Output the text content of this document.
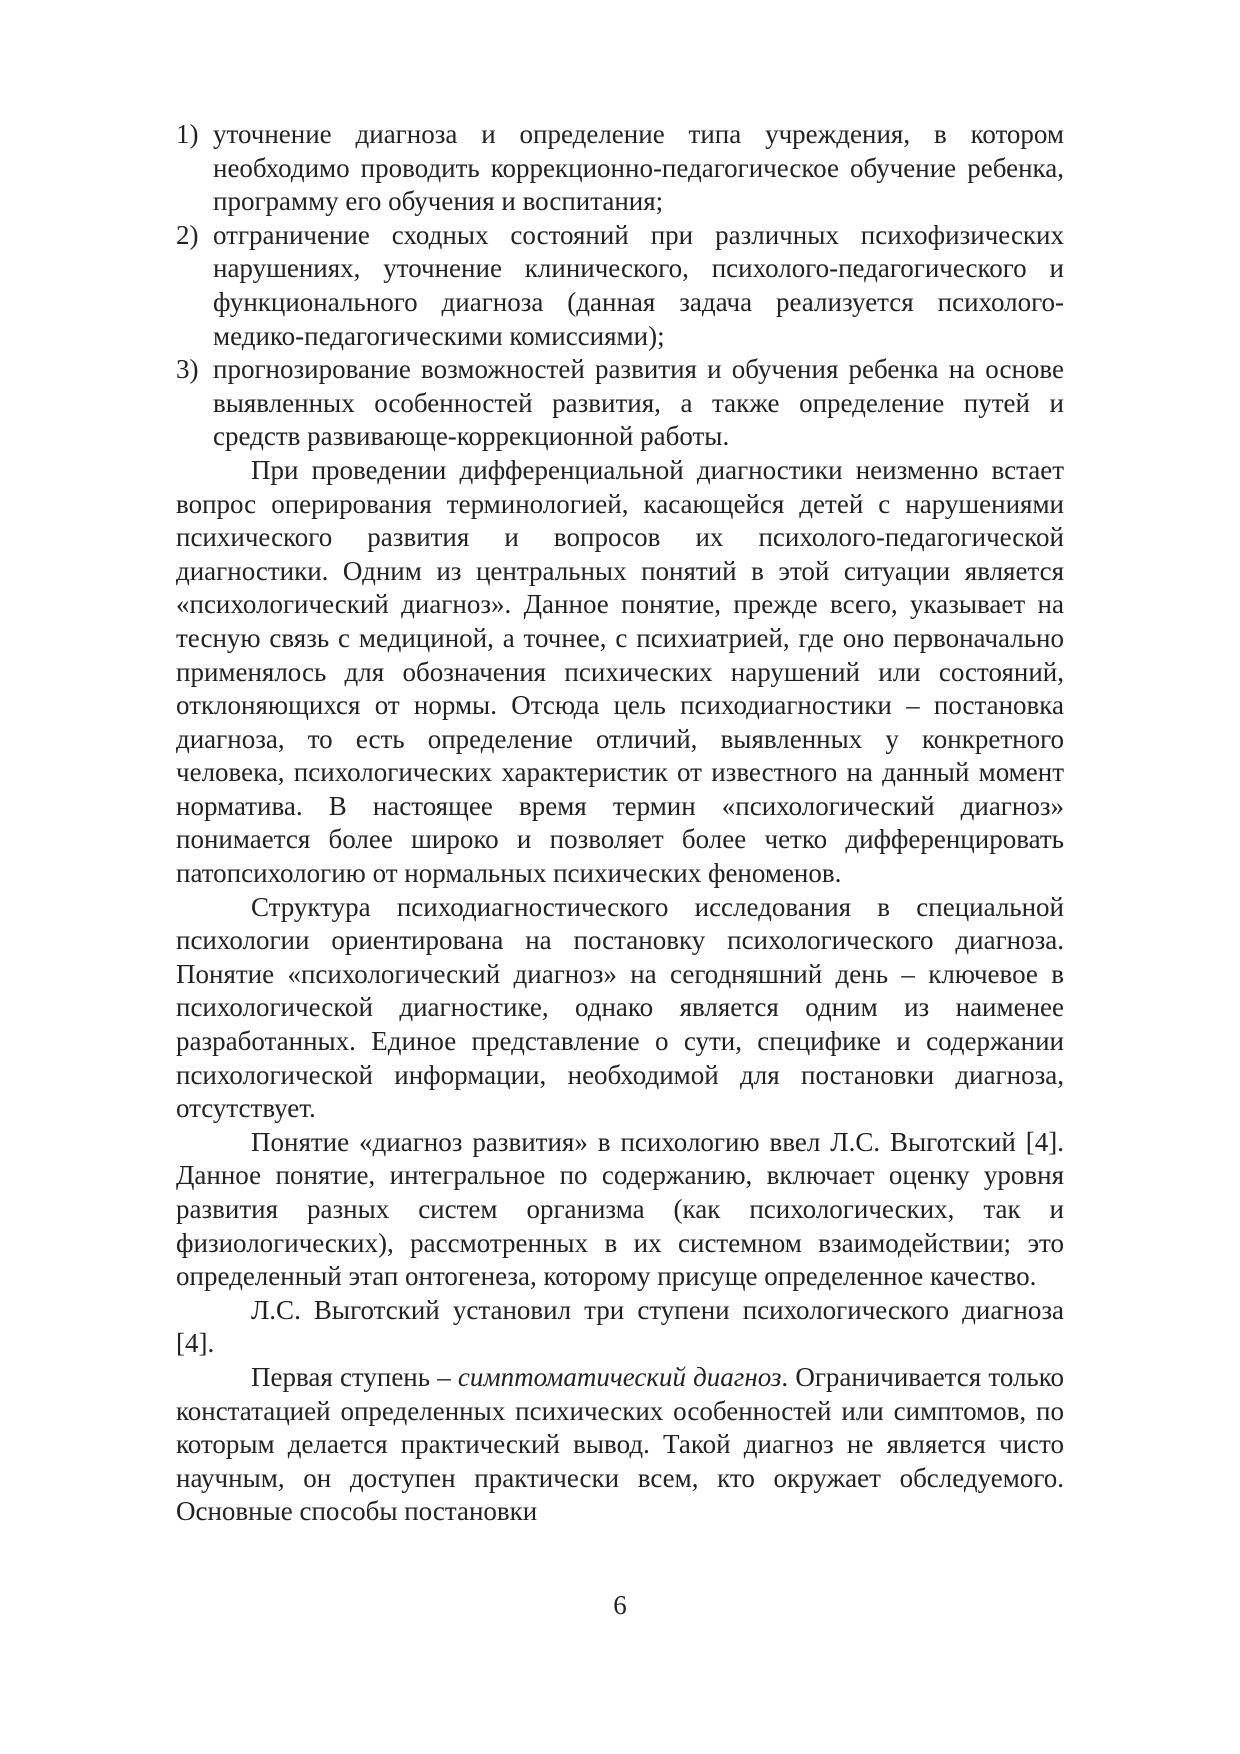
1) уточнение диагноза и определение типа учреждения, в котором необходимо проводить коррекционно-педагогическое обучение ребенка, программу его обучения и воспитания;
2) отграничение сходных состояний при различных психофизических нарушениях, уточнение клинического, психолого-педагогического и функционального диагноза (данная задача реализуется психолого-медико-педагогическими комиссиями);
3) прогнозирование возможностей развития и обучения ребенка на основе выявленных особенностей развития, а также определение путей и средств развивающе-коррекционной работы.

При проведении дифференциальной диагностики неизменно встает вопрос оперирования терминологией, касающейся детей с нарушениями психического развития и вопросов их психолого-педагогической диагностики. Одним из центральных понятий в этой ситуации является «психологический диагноз». Данное понятие, прежде всего, указывает на тесную связь с медициной, а точнее, с психиатрией, где оно первоначально применялось для обозначения психических нарушений или состояний, отклоняющихся от нормы. Отсюда цель психодиагностики – постановка диагноза, то есть определение отличий, выявленных у конкретного человека, психологических характеристик от известного на данный момент норматива. В настоящее время термин «психологический диагноз» понимается более широко и позволяет более четко дифференцировать патопсихологию от нормальных психических феноменов.

Структура психодиагностического исследования в специальной психологии ориентирована на постановку психологического диагноза. Понятие «психологический диагноз» на сегодняшний день – ключевое в психологической диагностике, однако является одним из наименее разработанных. Единое представление о сути, специфике и содержании психологической информации, необходимой для постановки диагноза, отсутствует.

Понятие «диагноз развития» в психологию ввел Л.С. Выготский [4]. Данное понятие, интегральное по содержанию, включает оценку уровня развития разных систем организма (как психологических, так и физиологических), рассмотренных в их системном взаимодействии; это определенный этап онтогенеза, которому присуще определенное качество.

Л.С. Выготский установил три ступени психологического диагноза [4].

Первая ступень – симптоматический диагноз. Ограничивается только констатацией определенных психических особенностей или симптомов, по которым делается практический вывод. Такой диагноз не является чисто научным, он доступен практически всем, кто окружает обследуемого. Основные способы постановки

6
